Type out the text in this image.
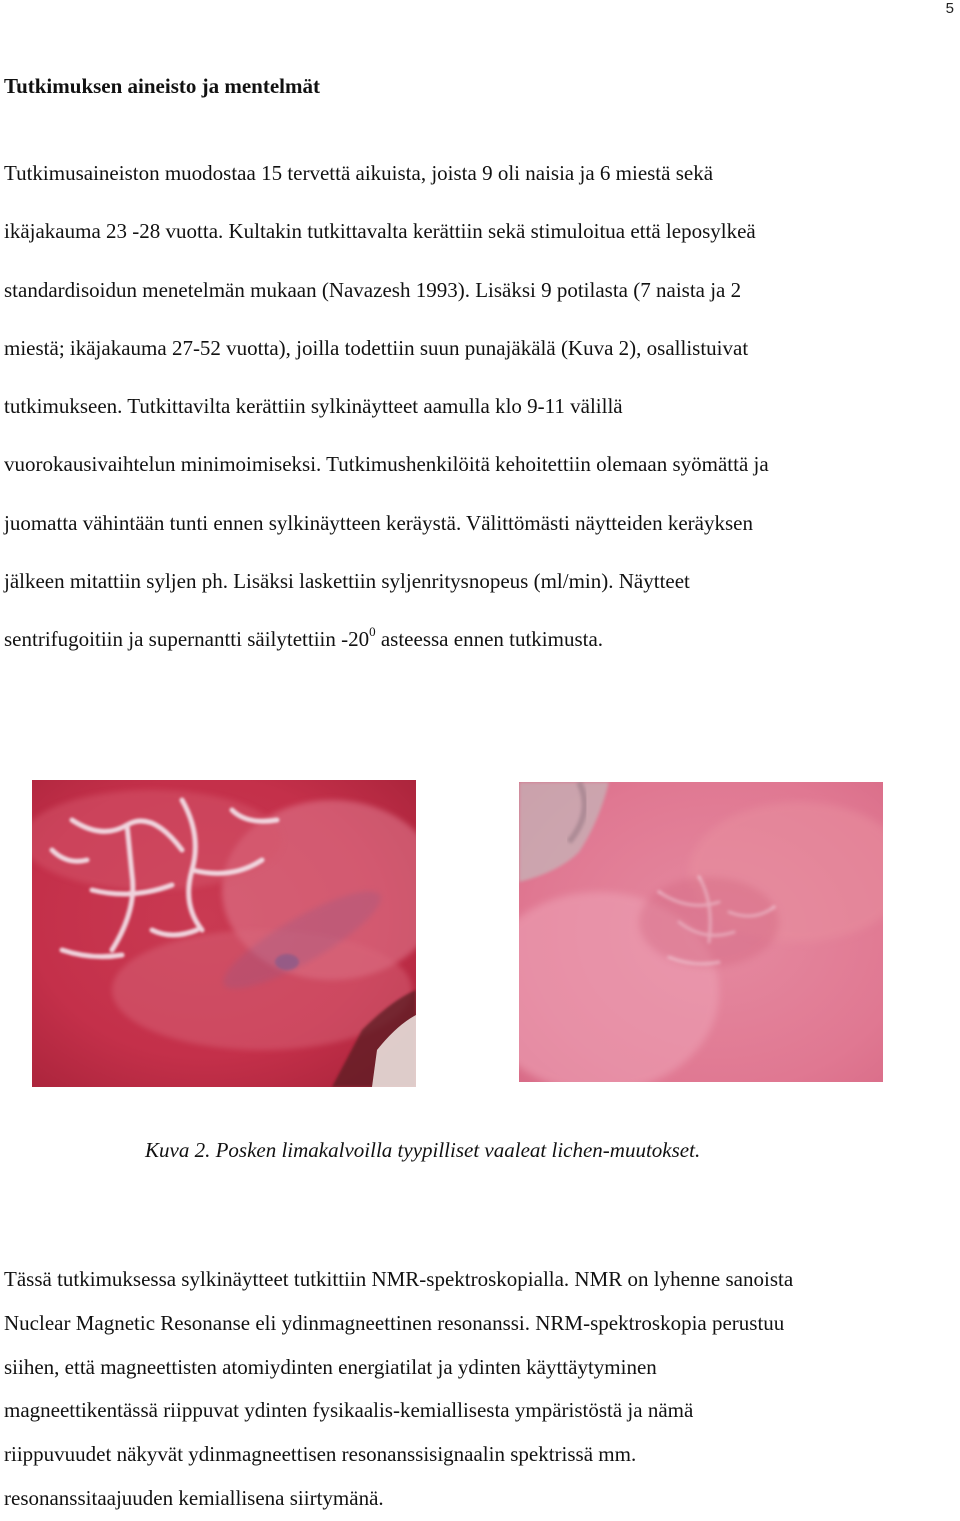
5
Tutkimuksen aineisto ja mentelmät

Tutkimusaineiston muodostaa 15 tervettä aikuista, joista 9 oli naisia ja 6 miestä sekä
ikäjakauma 23 -28 vuotta. Kultakin tutkittavalta kerättiin sekä stimuloitua että leposylkeä
standardisoidun menetelmän mukaan (Navazesh 1993). Lisäksi 9 potilasta (7 naista ja 2
miestä; ikäjakauma 27-52 vuotta), joilla todettiin suun punajäkälä (Kuva 2), osallistuivat
tutkimukseen. Tutkittavilta kerättiin sylkinäytteet aamulla klo 9-11 välillä
vuorokausivaihtelun minimoimiseksi. Tutkimushenkilöitä kehoitettiin olemaan syömättä ja
juomatta vähintään tunti ennen sylkinäytteen keräystä. Välittömästi näytteiden keräyksen
jälkeen mitattiin syljen ph. Lisäksi laskettiin syljenritysnopeus (ml/min). Näytteet
sentrifugoitiin ja supernantti säilytettiin $-20^0$ asteessa ennen tutkimusta.

Kuva 2. Posken limakalvoilla tyypilliset vaaleat lichen-muutokset.

Tässä tutkimuksessa sylkinäytteet tutkittiin NMR-spektroskopialla. NMR on lyhenne sanoista
Nuclear Magnetic Resonanse eli ydinmagneettinen resonanssi. NRM-spektroskopia perustuu
siihen, että magneettisten atomiydinten energiatilat ja ydinten käyttäytyminen
magneettikentässä riippuvat ydinten fysikaalis-kemiallisesta ympäristöstä ja nämä
riippuvuudet näkyvät ydinmagneettisen resonanssisignaalin spektrissä mm.
resonanssitaajuuden kemiallisena siirtymänä.
